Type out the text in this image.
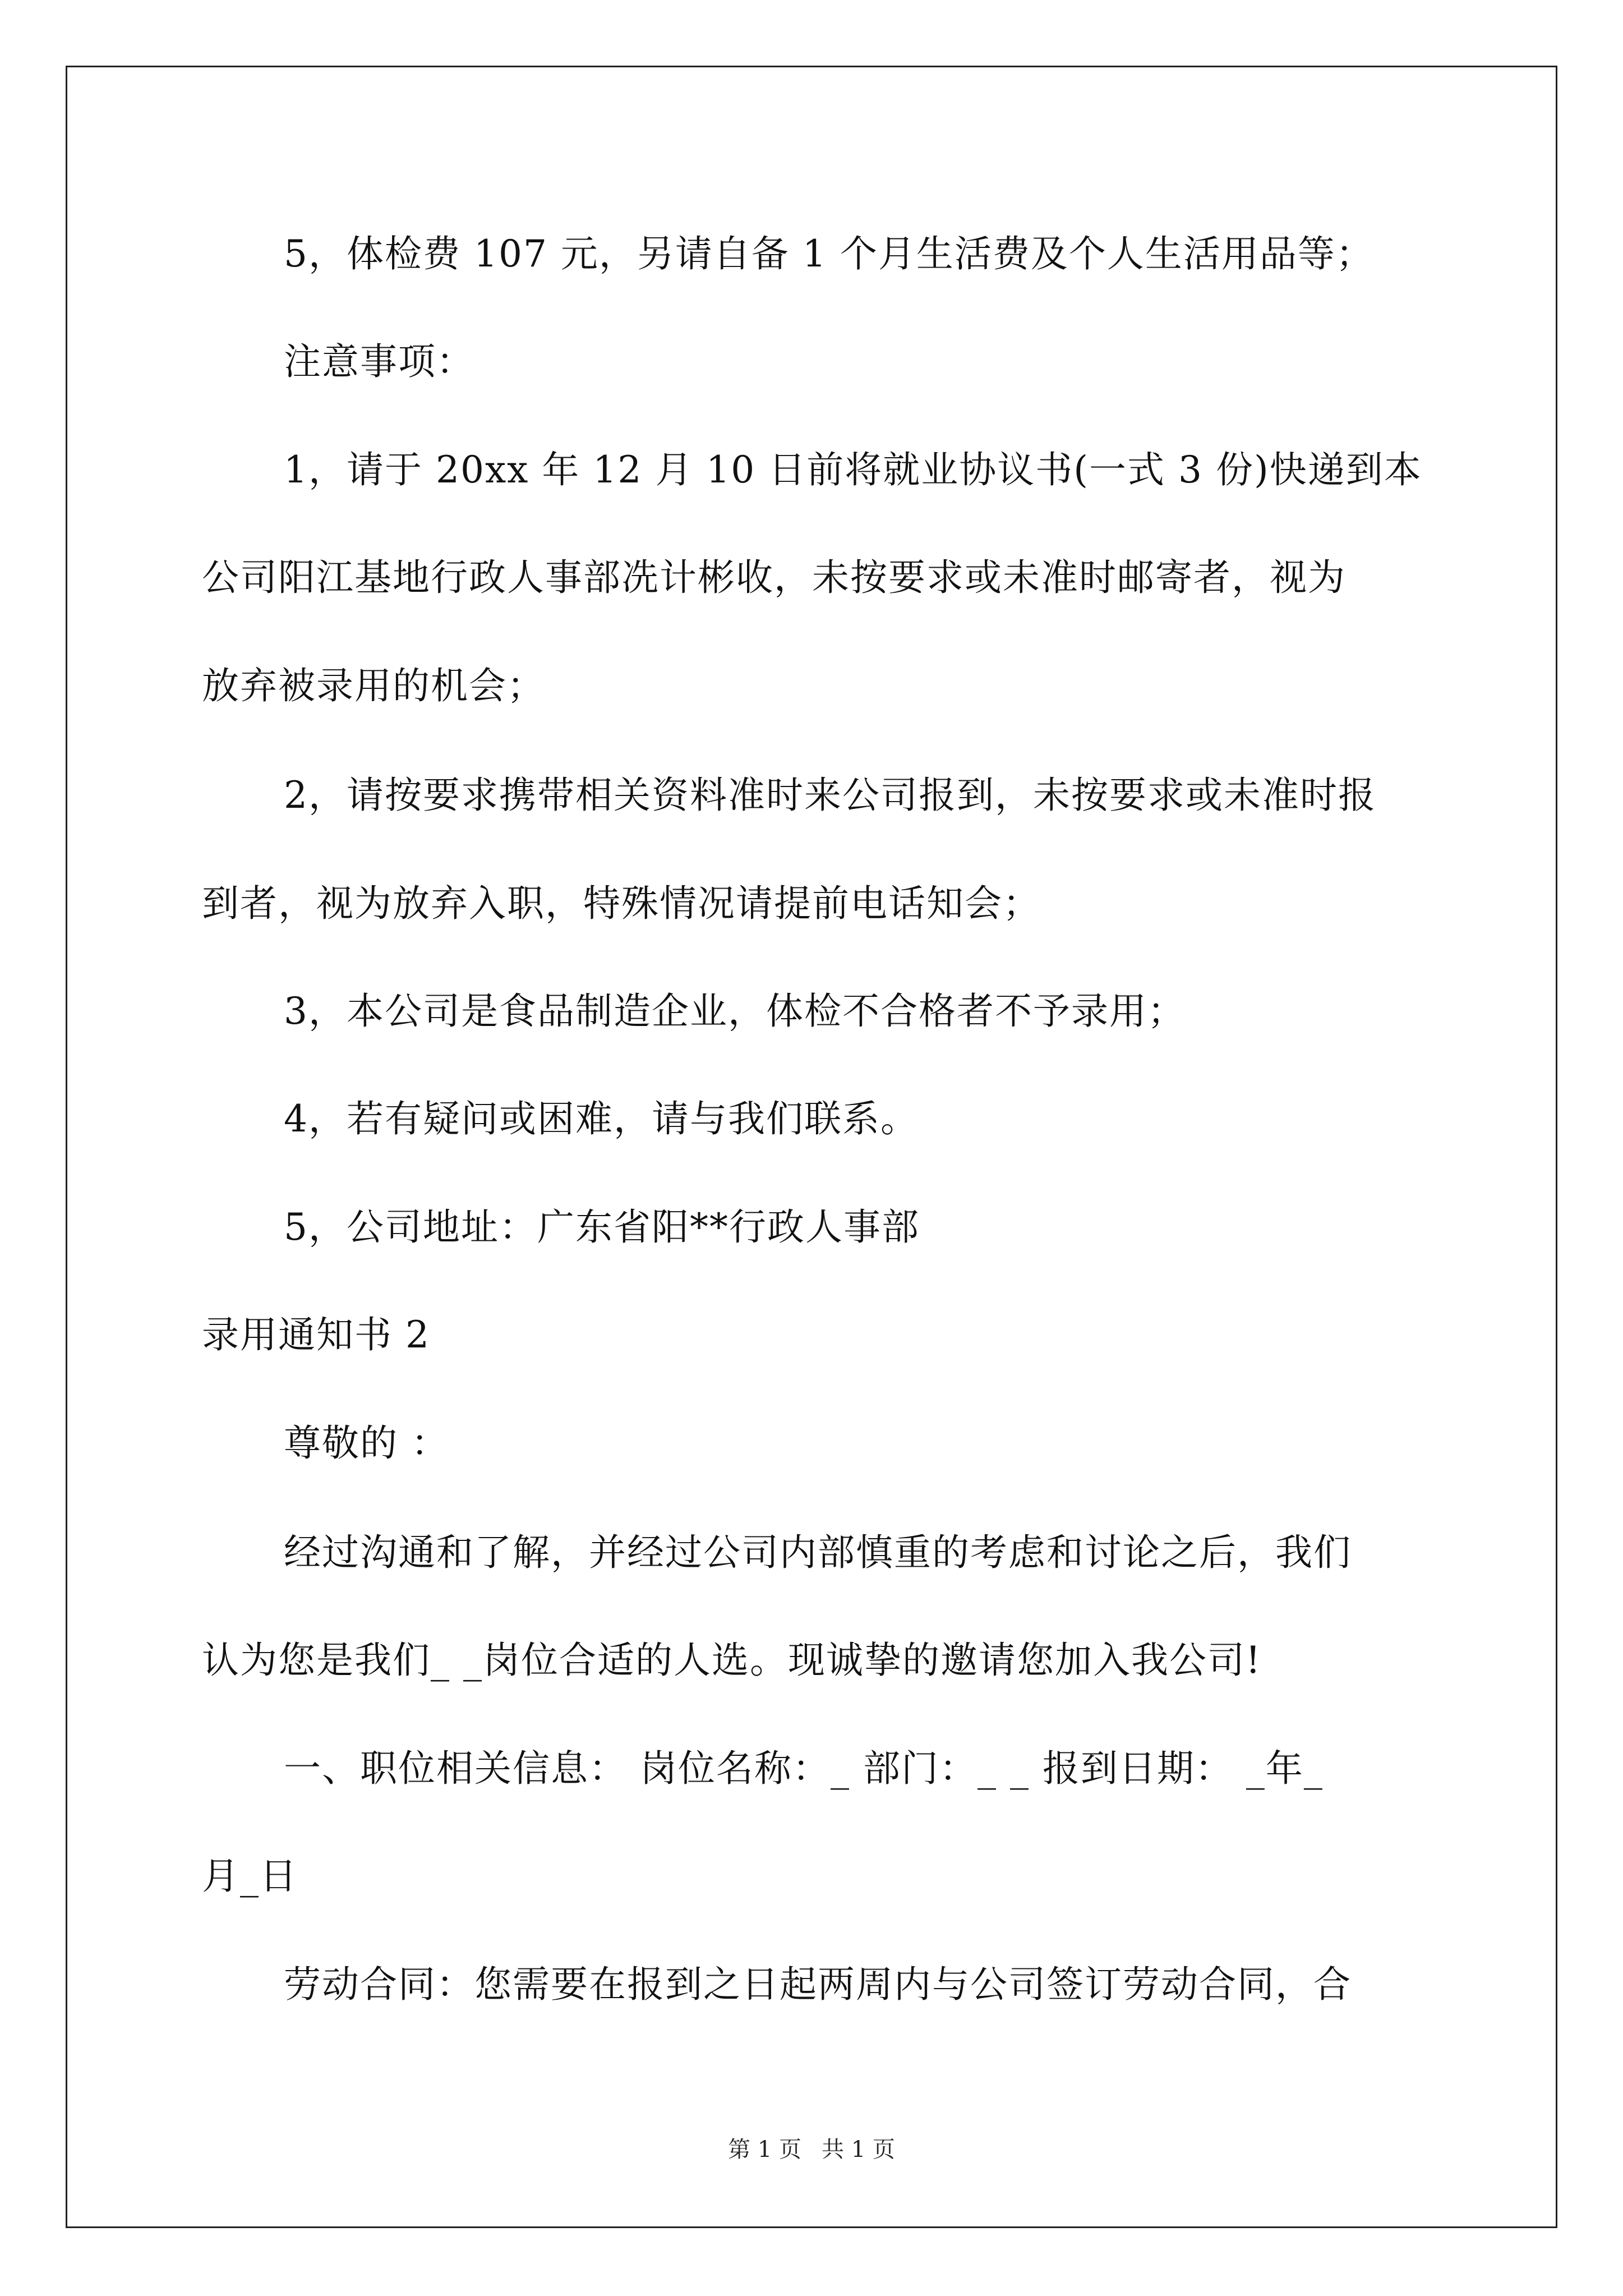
5，体检费 107 元，另请自备 1 个月生活费及个人生活用品等；
注意事项：
1，请于 20xx 年 12 月 10 日前将就业协议书(一式 3 份)快递到本
公司阳江基地行政人事部冼计彬收，未按要求或未准时邮寄者，视为
放弃被录用的机会；
2，请按要求携带相关资料准时来公司报到，未按要求或未准时报
到者，视为放弃入职，特殊情况请提前电话知会；
3，本公司是食品制造企业，体检不合格者不予录用；
4，若有疑问或困难，请与我们联系。
5，公司地址：广东省阳**行政人事部
录用通知书 2
尊敬的 ：
经过沟通和了解，并经过公司内部慎重的考虑和讨论之后，我们
认为您是我们_ _岗位合适的人选。现诚挚的邀请您加入我公司!
一、职位相关信息： 岗位名称：_ 部门：_ _ 报到日期： _年_
月_日
劳动合同：您需要在报到之日起两周内与公司签订劳动合同，合
第 1 页 共 1 页
